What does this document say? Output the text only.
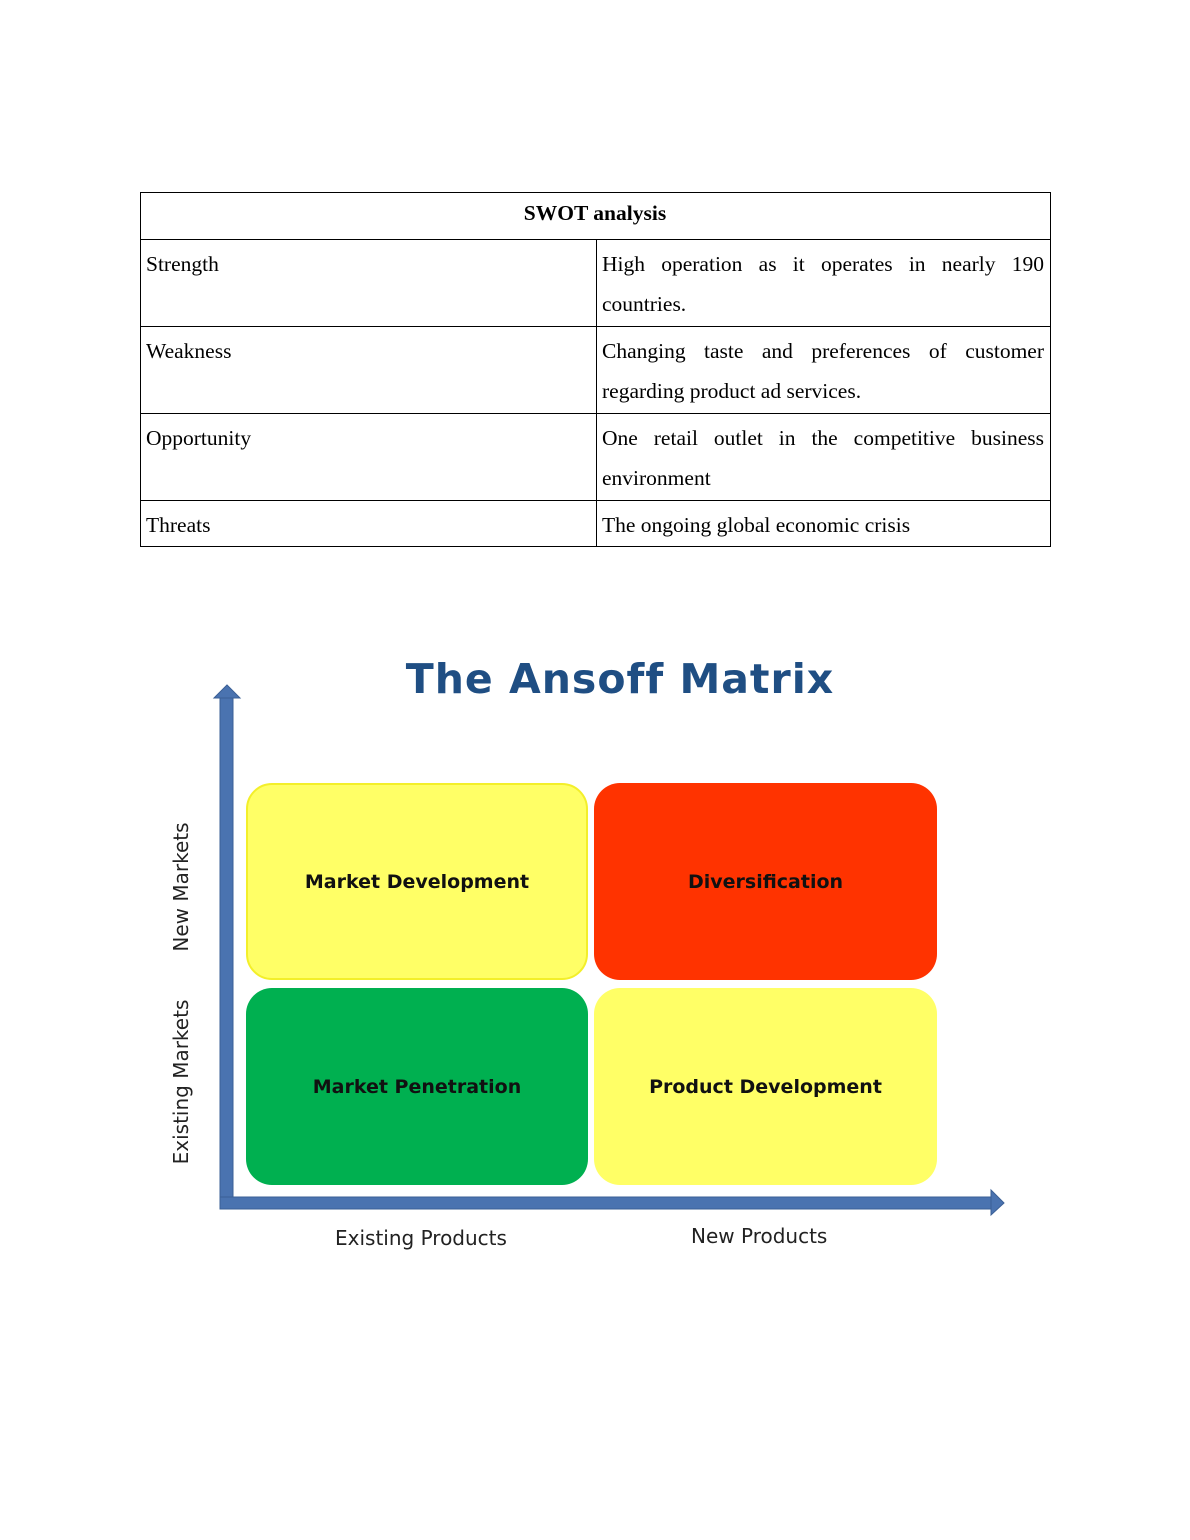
SWOT analysis	
Strength	High operation as it operates in nearly 190 countries.
Weakness	Changing taste and preferences of customer regarding product ad services.
Opportunity	One retail outlet in the competitive business environment
Threats	The ongoing global economic crisis
The Ansoff Matrix
Market Development	Diversification
Market Penetration	Product Development
New Markets
Existing Markets
Existing Products	New Products
